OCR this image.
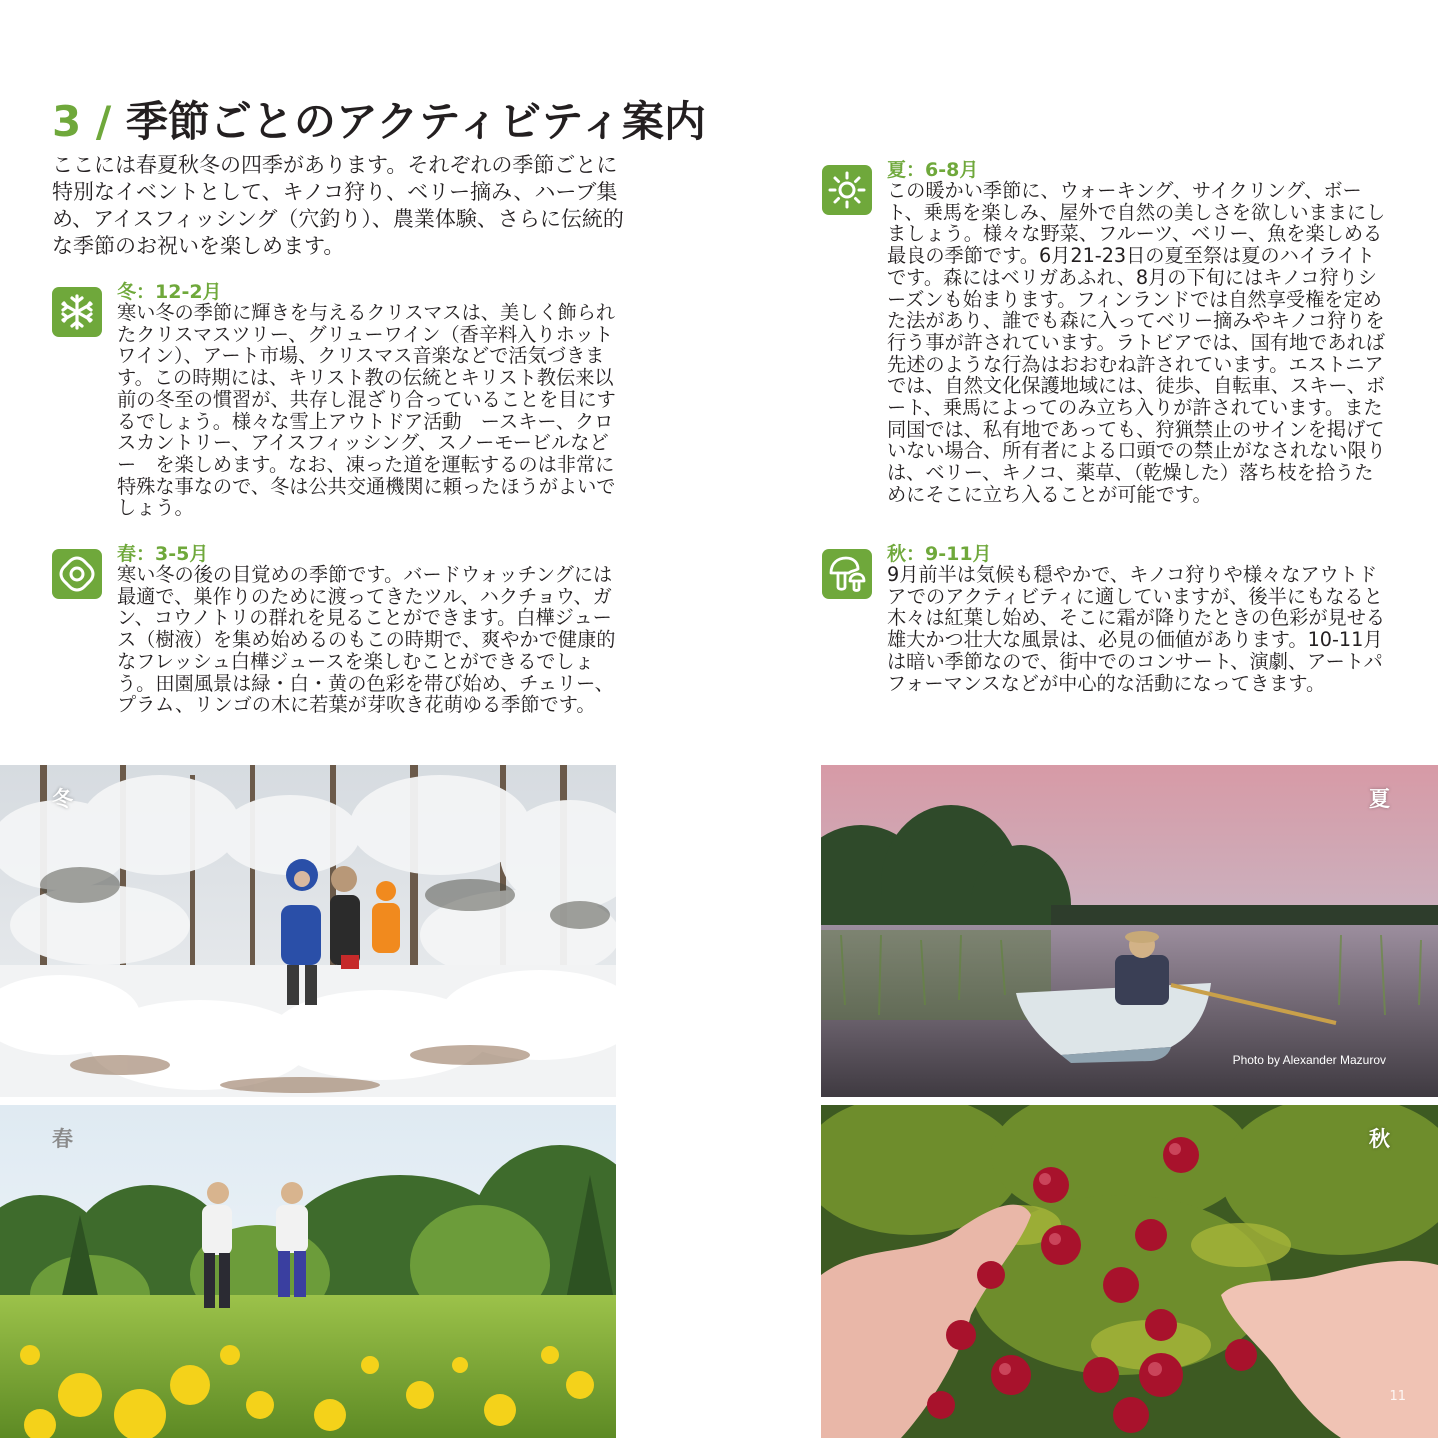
3 / 季節ごとのアクティビティ案内

ここには春夏秋冬の四季があります。それぞれの季節ごとに特別なイベントとして、キノコ狩り、ベリー摘み、ハーブ集め、アイスフィッシング（穴釣り）、農業体験、さらに伝統的な季節のお祝いを楽しめます。

冬：12-2月

寒い冬の季節に輝きを与えるクリスマスは、美しく飾られたクリスマスツリー、グリューワイン（香辛料入りホットワイン）、アート市場、クリスマス音楽などで活気づきます。この時期には、キリスト教の伝統とキリスト教伝来以前の冬至の慣習が、共存し混ざり合っていることを目にするでしょう。様々な雪上アウトドア活動　ースキー、クロスカントリー、アイスフィッシング、スノーモービルなどー　を楽しめます。なお、凍った道を運転するのは非常に特殊な事なので、冬は公共交通機関に頼ったほうがよいでしょう。

春：3-5月

寒い冬の後の目覚めの季節です。バードウォッチングには最適で、巣作りのために渡ってきたツル、ハクチョウ、ガン、コウノトリの群れを見ることができます。白樺ジュース（樹液）を集め始めるのもこの時期で、爽やかで健康的なフレッシュ白樺ジュースを楽しむことができるでしょう。田園風景は緑・白・黄の色彩を帯び始め、チェリー、プラム、リンゴの木に若葉が芽吹き花萌ゆる季節です。

夏：6-8月

この暖かい季節に、ウォーキング、サイクリング、ボート、乗馬を楽しみ、屋外で自然の美しさを欲しいままにしましょう。様々な野菜、フルーツ、ベリー、魚を楽しめる最良の季節です。6月21-23日の夏至祭は夏のハイライトです。森にはベリガあふれ、8月の下旬にはキノコ狩りシーズンも始まります。フィンランドでは自然享受権を定めた法があり、誰でも森に入ってベリー摘みやキノコ狩りを行う事が許されています。ラトビアでは、国有地であれば先述のような行為はおおむね許されています。エストニアでは、自然文化保護地域には、徒歩、自転車、スキー、ボート、乗馬によってのみ立ち入りが許されています。また同国では、私有地であっても、狩猟禁止のサインを掲げていない場合、所有者による口頭での禁止がなされない限りは、ベリー、キノコ、薬草、（乾燥した）落ち枝を拾うためにそこに立ち入ることが可能です。

秋：9-11月

9月前半は気候も穏やかで、キノコ狩りや様々なアウトドアでのアクティビティに適していますが、後半にもなると木々は紅葉し始め、そこに霜が降りたときの色彩が見せる雄大かつ壮大な風景は、必見の価値があります。10-11月は暗い季節なので、街中でのコンサート、演劇、アートパフォーマンスなどが中心的な活動になってきます。

冬
春
夏
Photo by Alexander Mazurov
秋
11
